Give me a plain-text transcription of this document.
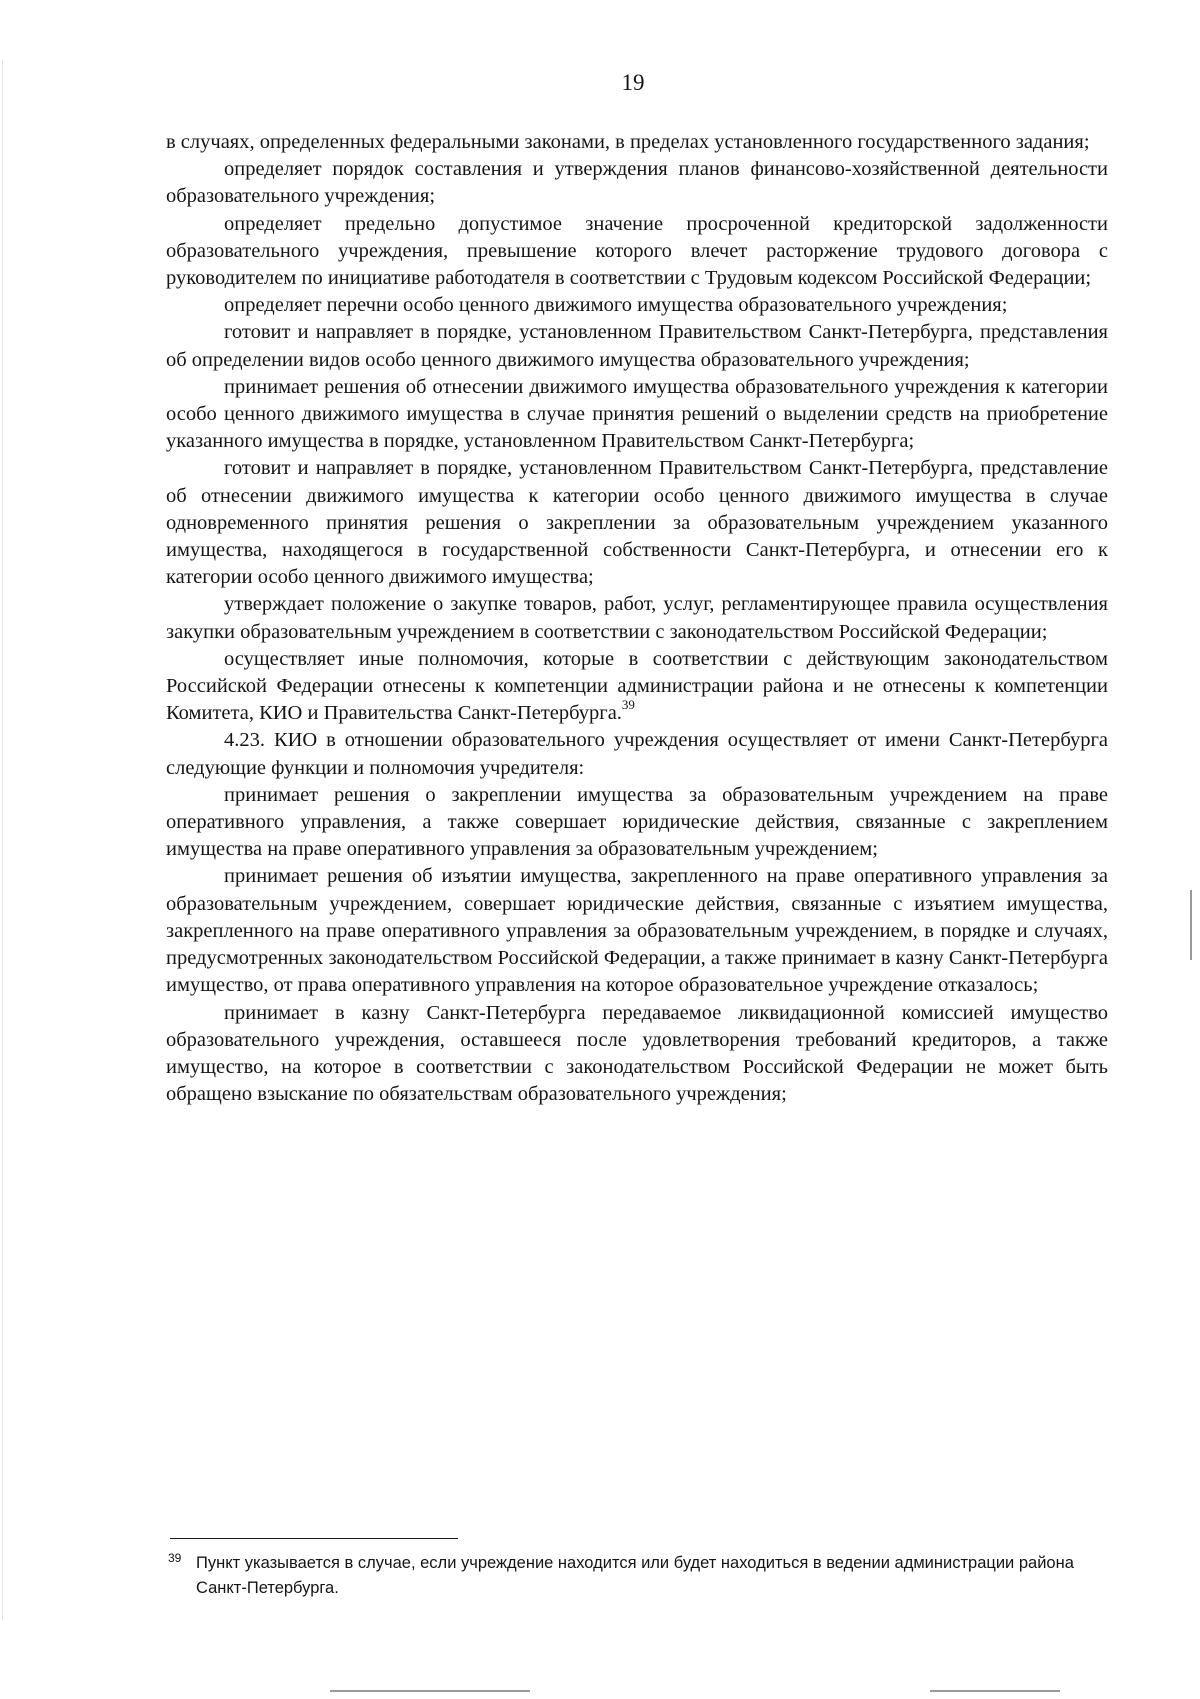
19

в случаях, определенных федеральными законами, в пределах установленного государственного задания;

определяет порядок составления и утверждения планов финансово-хозяйственной деятельности образовательного учреждения;

определяет предельно допустимое значение просроченной кредиторской задолженности образовательного учреждения, превышение которого влечет расторжение трудового договора с руководителем по инициативе работодателя в соответствии с Трудовым кодексом Российской Федерации;

определяет перечни особо ценного движимого имущества образовательного учреждения;

готовит и направляет в порядке, установленном Правительством Санкт-Петербурга, представления об определении видов особо ценного движимого имущества образовательного учреждения;

принимает решения об отнесении движимого имущества образовательного учреждения к категории особо ценного движимого имущества в случае принятия решений о выделении средств на приобретение указанного имущества в порядке, установленном Правительством Санкт-Петербурга;

готовит и направляет в порядке, установленном Правительством Санкт-Петербурга, представление об отнесении движимого имущества к категории особо ценного движимого имущества в случае одновременного принятия решения о закреплении за образовательным учреждением указанного имущества, находящегося в государственной собственности Санкт-Петербурга, и отнесении его к категории особо ценного движимого имущества;

утверждает положение о закупке товаров, работ, услуг, регламентирующее правила осуществления закупки образовательным учреждением в соответствии с законодательством Российской Федерации;

осуществляет иные полномочия, которые в соответствии с действующим законодательством Российской Федерации отнесены к компетенции администрации района и не отнесены к компетенции Комитета, КИО и Правительства Санкт-Петербурга.$^{39}$

4.23. КИО в отношении образовательного учреждения осуществляет от имени Санкт-Петербурга следующие функции и полномочия учредителя:

принимает решения о закреплении имущества за образовательным учреждением на праве оперативного управления, а также совершает юридические действия, связанные с закреплением имущества на праве оперативного управления за образовательным учреждением;

принимает решения об изъятии имущества, закрепленного на праве оперативного управления за образовательным учреждением, совершает юридические действия, связанные с изъятием имущества, закрепленного на праве оперативного управления за образовательным учреждением, в порядке и случаях, предусмотренных законодательством Российской Федерации, а также принимает в казну Санкт-Петербурга имущество, от права оперативного управления на которое образовательное учреждение отказалось;

принимает в казну Санкт-Петербурга передаваемое ликвидационной комиссией имущество образовательного учреждения, оставшееся после удовлетворения требований кредиторов, а также имущество, на которое в соответствии с законодательством Российской Федерации не может быть обращено взыскание по обязательствам образовательного учреждения;

39 Пункт указывается в случае, если учреждение находится или будет находиться в ведении администрации района Санкт-Петербурга.
